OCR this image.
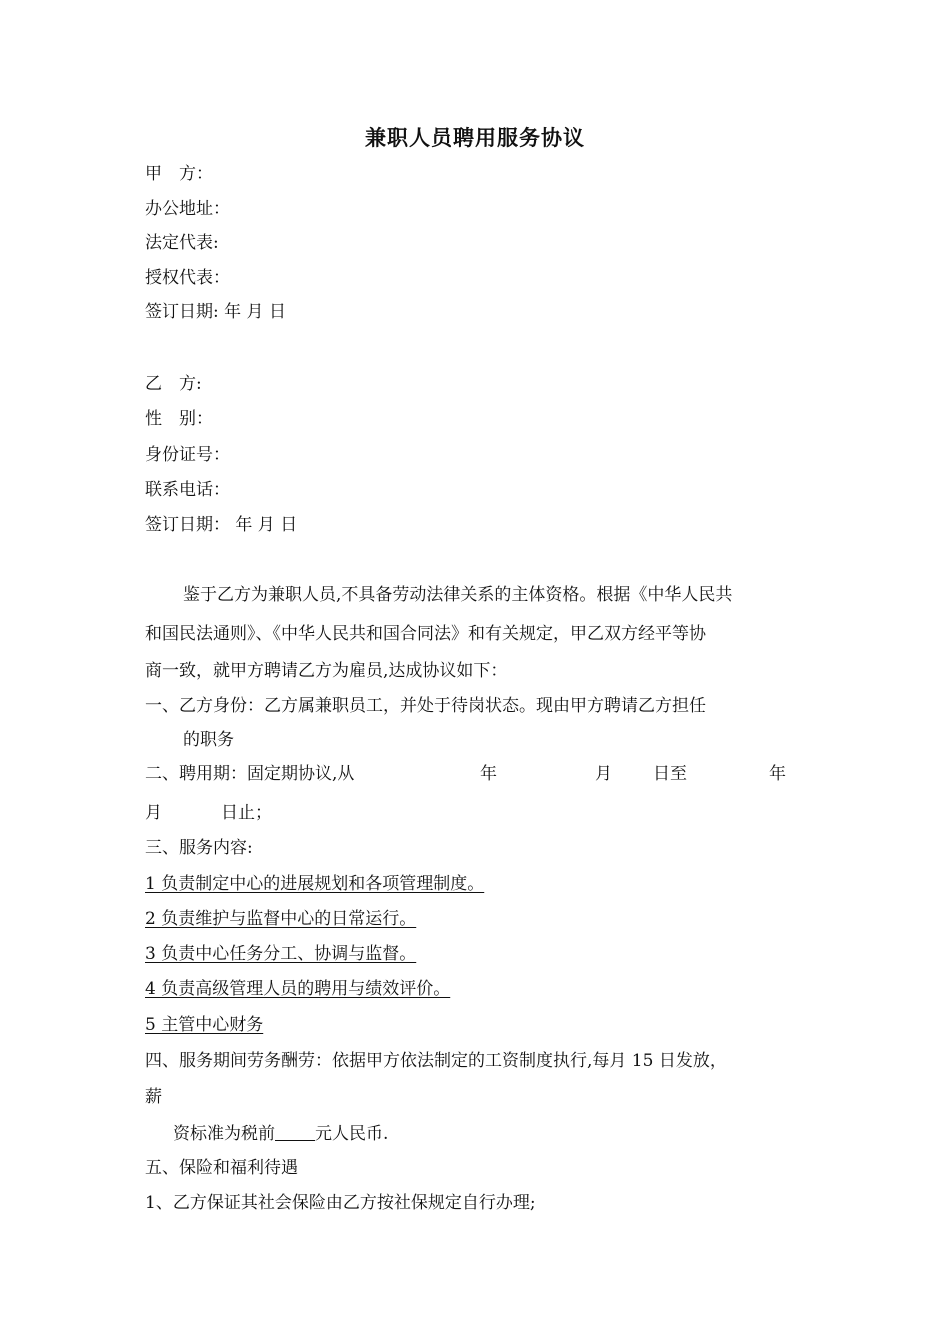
兼职人员聘用服务协议
甲　方：
办公地址：
法定代表:
授权代表：
签订日期: 年 月 日
乙　方:
性　别：
身份证号：
联系电话：
签订日期： 年 月 日
鉴于乙方为兼职人员,不具备劳动法律关系的主体资格。根据《中华人民共
和国民法通则》、《中华人民共和国合同法》和有关规定，甲乙双方经平等协
商一致，就甲方聘请乙方为雇员,达成协议如下：
一、乙方身份：乙方属兼职员工，并处于待岗状态。现由甲方聘请乙方担任
的职务
二、聘用期：固定期协议,从	年	月 日至	年
月	日止；
三、服务内容:
1 负责制定中心的进展规划和各项管理制度。
2 负责维护与监督中心的日常运行。
3 负责中心任务分工、协调与监督。
4 负责高级管理人员的聘用与绩效评价。
5 主管中心财务
四、服务期间劳务酬劳：依据甲方依法制定的工资制度执行,每月 15 日发放，
薪
资标准为税前 元人民币.
五、保险和福利待遇
1、乙方保证其社会保险由乙方按社保规定自行办理;
